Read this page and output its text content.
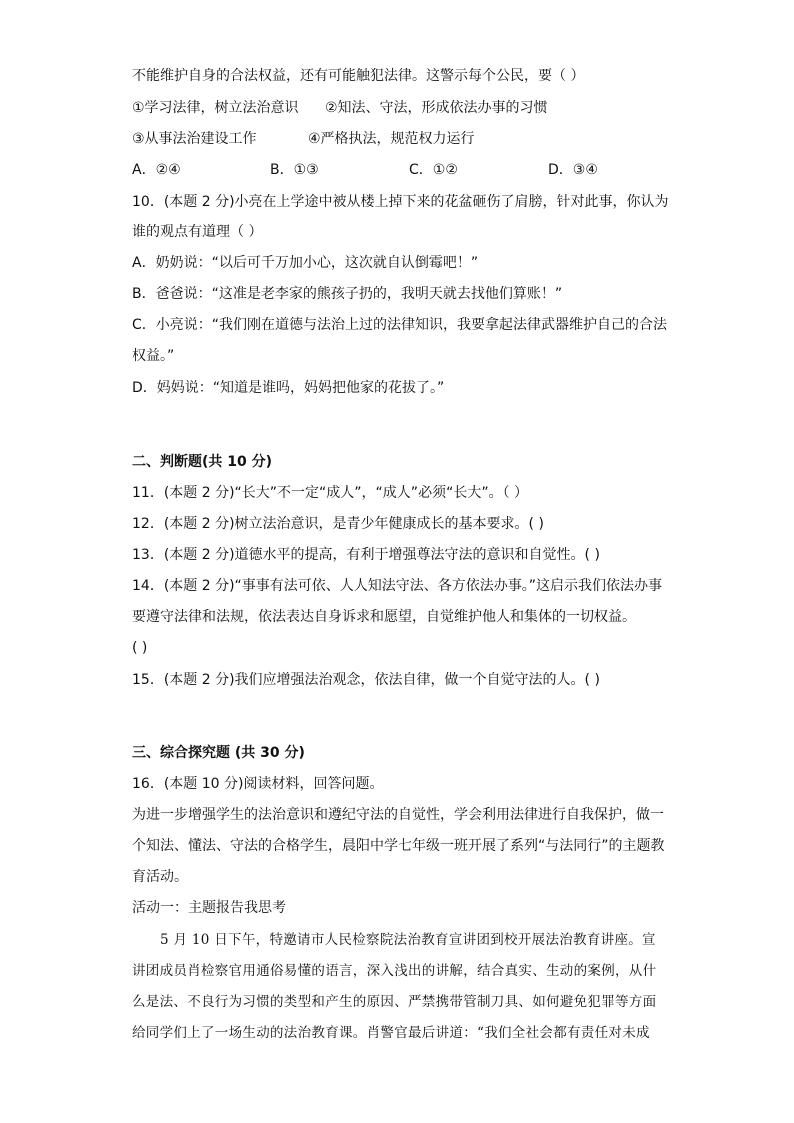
不能维护自身的合法权益，还有可能触犯法律。这警示每个公民，要（ ）
①学习法律，树立法治意识 ②知法、守法，形成依法办事的习惯
③从事法治建设工作	④严格执法，规范权力运行
A．②④	B．①③	C．①②	D．③④
10．(本题 2 分)小亮在上学途中被从楼上掉下来的花盆砸伤了肩膀，针对此事，你认为
谁的观点有道理（ ）
A．奶奶说：“以后可千万加小心，这次就自认倒霉吧！”
B．爸爸说：“这准是老李家的熊孩子扔的，我明天就去找他们算账！”
C．小亮说：“我们刚在道德与法治上过的法律知识，我要拿起法律武器维护自己的合法
权益。”
D．妈妈说：“知道是谁吗，妈妈把他家的花拔了。”
二、判断题(共 10 分)
11．(本题 2 分)“长大”不一定“成人”，“成人”必须“长大”。（ ）
12．(本题 2 分)树立法治意识，是青少年健康成长的基本要求。( )
13．(本题 2 分)道德水平的提高，有利于增强尊法守法的意识和自觉性。( )
14．(本题 2 分)“事事有法可依、人人知法守法、各方依法办事。”这启示我们依法办事
要遵守法律和法规，依法表达自身诉求和愿望，自觉维护他人和集体的一切权益。
( )
15．(本题 2 分)我们应增强法治观念，依法自律，做一个自觉守法的人。( )
三、综合探究题 (共 30 分)
16．(本题 10 分)阅读材料，回答问题。
为进一步增强学生的法治意识和遵纪守法的自觉性，学会利用法律进行自我保护，做一
个知法、懂法、守法的合格学生，晨阳中学七年级一班开展了系列“与法同行”的主题教
育活动。
活动一：主题报告我思考
5 月 10 日下午，特邀请市人民检察院法治教育宣讲团到校开展法治教育讲座。宣
讲团成员肖检察官用通俗易懂的语言，深入浅出的讲解，结合真实、生动的案例，从什
么是法、不良行为习惯的类型和产生的原因、严禁携带管制刀具、如何避免犯罪等方面
给同学们上了一场生动的法治教育课。肖警官最后讲道：“我们全社会都有责任对未成
